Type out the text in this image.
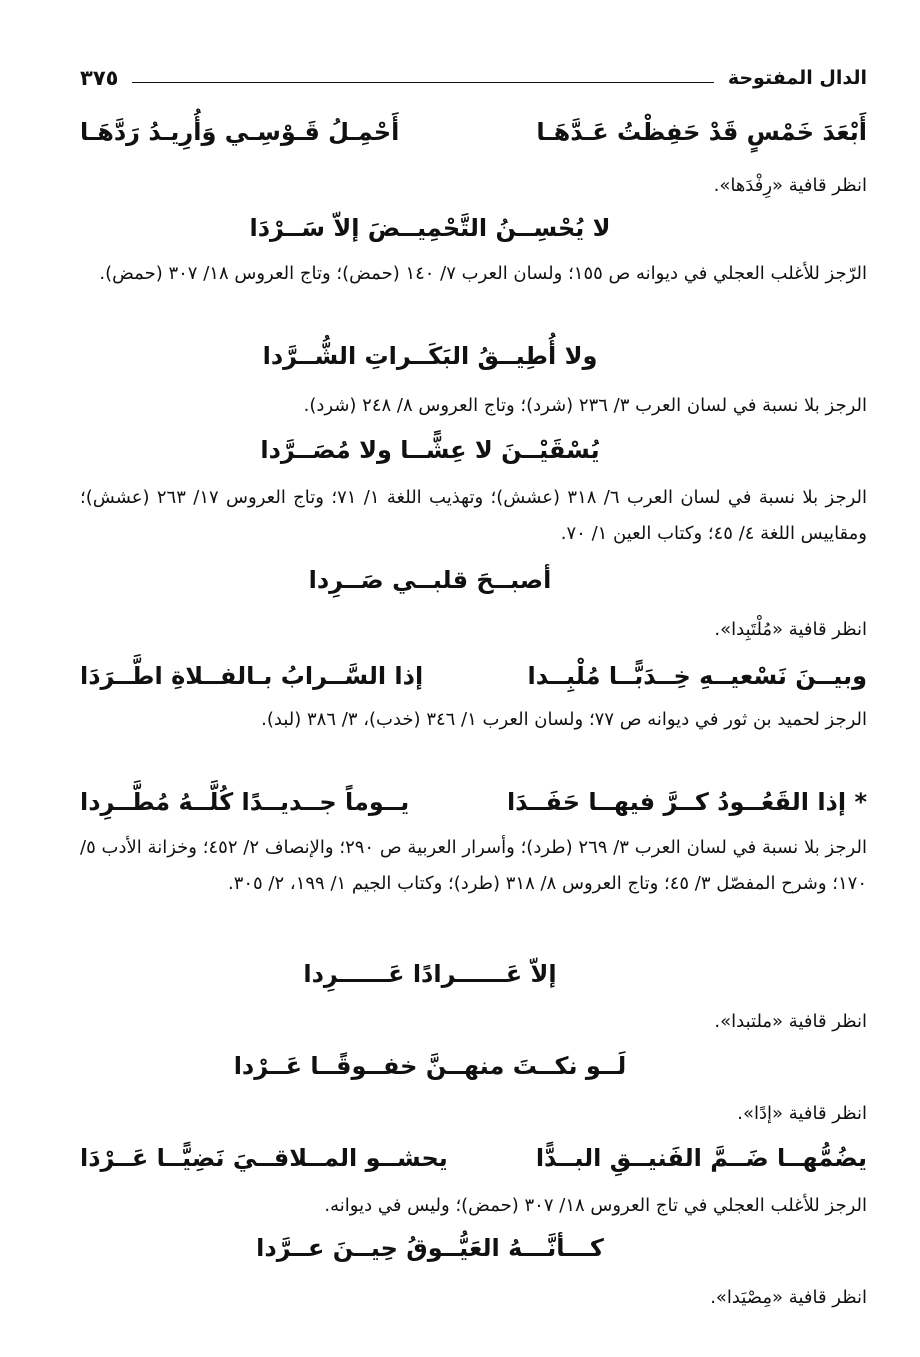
الدال المفتوحة
٣٧٥
أَبْعَدَ خَمْسٍ قَدْ حَفِظْتُ عَـدَّهَـا
أَحْمِـلُ قَـوْسِـي وَأُرِيـدُ رَدَّهَـا
انظر قافية «رِفْدَها».
لا يُحْسِــنُ التَّحْمِيــضَ إلاّ سَــرْدَا
الرّجز للأغلب العجلي في ديوانه ص ١٥٥؛ ولسان العرب ٧/ ١٤٠ (حمض)؛ وتاج العروس ١٨/ ٣٠٧ (حمض).
ولا أُطِيــقُ البَكَــراتِ الشُّــرَّدا
الرجز بلا نسبة في لسان العرب ٣/ ٢٣٦ (شرد)؛ وتاج العروس ٨/ ٢٤٨ (شرد).
يُسْقَيْــنَ لا عِشًّــا ولا مُصَــرَّدا
الرجز بلا نسبة في لسان العرب ٦/ ٣١٨ (عشش)؛ وتهذيب اللغة ١/ ٧١؛ وتاج العروس ١٧/ ٢٦٣ (عشش)؛ ومقاييس اللغة ٤/ ٤٥؛ وكتاب العين ١/ ٧٠.
أصبــحَ قلبــي صَــرِدا
انظر قافية «مُلْتَبِدا».
وبيــنَ نَسْعيــهِ خِــدَبًّــا مُلْبِــدا
إذا السَّــرابُ بـالفــلاةِ اطَّــرَدَا
الرجز لحميد بن ثور في ديوانه ص ٧٧؛ ولسان العرب ١/ ٣٤٦ (خدب)، ٣/ ٣٨٦ (لبد).
* إذا القَعُــودُ كــرَّ فيهــا حَفَــدَا
يــوماً جــديــدًا كُلَّــهُ مُطَّــرِدا
الرجز بلا نسبة في لسان العرب ٣/ ٢٦٩ (طرد)؛ وأسرار العربية ص ٢٩٠؛ والإنصاف ٢/ ٤٥٢؛ وخزانة الأدب ٥/ ١٧٠؛ وشرح المفصّل ٣/ ٤٥؛ وتاج العروس ٨/ ٣١٨ (طرد)؛ وكتاب الجيم ١/ ١٩٩، ٢/ ٣٠٥.
إلاّ عَــــــرادًا عَــــــرِدا
انظر قافية «ملتبدا».
لَــو نكــتَ منهــنَّ خفــوقًــا عَــرْدا
انظر قافية «إدًا».
يضُمُّهــا ضَــمَّ الفَنيــقِ البــدًّا
يحشــو المــلاقــيَ نَضِيًّــا عَــرْدَا
الرجز للأغلب العجلي في تاج العروس ١٨/ ٣٠٧ (حمض)؛ وليس في ديوانه.
كـــأنَّـــهُ العَيُّــوقُ حِيــنَ عــرَّدا
انظر قافية «مِصْيَدا».
